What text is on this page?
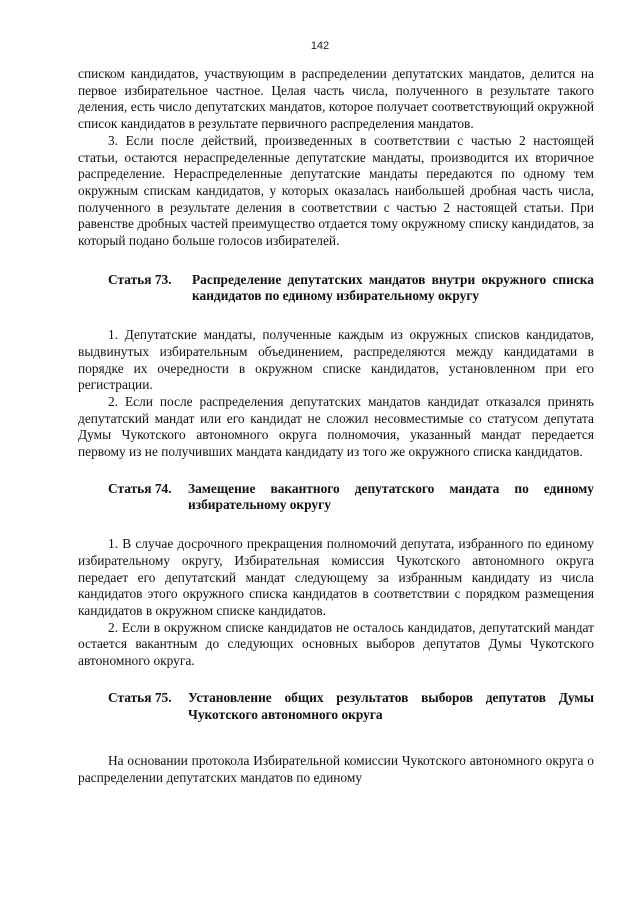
142

списком кандидатов, участвующим в распределении депутатских мандатов, делится на первое избирательное частное. Целая часть числа, полученного в результате такого деления, есть число депутатских мандатов, которое получает соответствующий окружной список кандидатов в результате первичного распределения мандатов.

3. Если после действий, произведенных в соответствии с частью 2 настоящей статьи, остаются нераспределенные депутатские мандаты, производится их вторичное распределение. Нераспределенные депутатские мандаты передаются по одному тем окружным спискам кандидатов, у которых оказалась наибольшей дробная часть числа, полученного в результате деления в соответствии с частью 2 настоящей статьи. При равенстве дробных частей преимущество отдается тому окружному списку кандидатов, за который подано больше голосов избирателей.

Статья 73.	Распределение депутатских мандатов внутри окружного списка кандидатов по единому избирательному округу

1. Депутатские мандаты, полученные каждым из окружных списков кандидатов, выдвинутых избирательным объединением, распределяются между кандидатами в порядке их очередности в окружном списке кандидатов, установленном при его регистрации.

2. Если после распределения депутатских мандатов кандидат отказался принять депутатский мандат или его кандидат не сложил несовместимые со статусом депутата Думы Чукотского автономного округа полномочия, указанный мандат передается первому из не получивших мандата кандидату из того же окружного списка кандидатов.

Статья 74.	Замещение вакантного депутатского мандата по единому избирательному округу

1. В случае досрочного прекращения полномочий депутата, избранного по единому избирательному округу, Избирательная комиссия Чукотского автономного округа передает его депутатский мандат следующему за избранным кандидату из числа кандидатов этого окружного списка кандидатов в соответствии с порядком размещения кандидатов в окружном списке кандидатов.

2. Если в окружном списке кандидатов не осталось кандидатов, депутатский мандат остается вакантным до следующих основных выборов депутатов Думы Чукотского автономного округа.

Статья 75.	Установление общих результатов выборов депутатов Думы Чукотского автономного округа

На основании протокола Избирательной комиссии Чукотского автономного округа о распределении депутатских мандатов по единому
